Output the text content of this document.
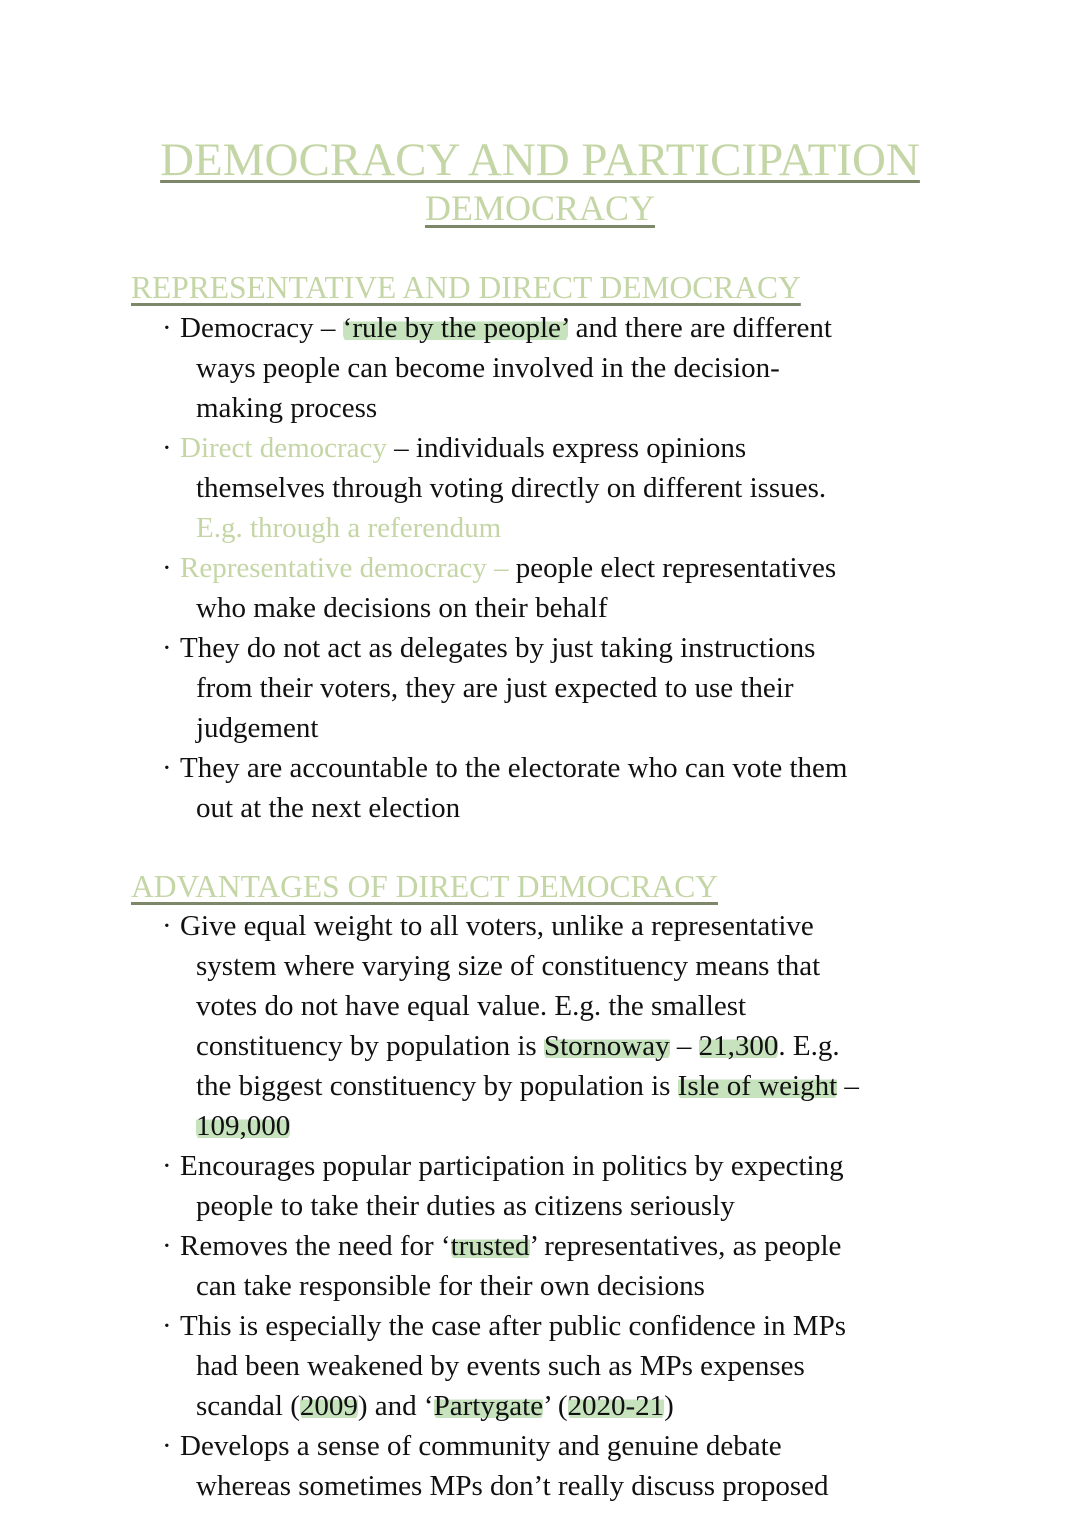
DEMOCRACY AND PARTICIPATION
DEMOCRACY
REPRESENTATIVE AND DIRECT DEMOCRACY
· Democracy – ‘rule by the people’ and there are different
ways people can become involved in the decision-
making process
· Direct democracy – individuals express opinions
themselves through voting directly on different issues.
E.g. through a referendum
· Representative democracy – people elect representatives
who make decisions on their behalf
· They do not act as delegates by just taking instructions
from their voters, they are just expected to use their
judgement
· They are accountable to the electorate who can vote them
out at the next election
ADVANTAGES OF DIRECT DEMOCRACY
· Give equal weight to all voters, unlike a representative
system where varying size of constituency means that
votes do not have equal value. E.g. the smallest
constituency by population is Stornoway – 21,300. E.g.
the biggest constituency by population is Isle of weight –
109,000
· Encourages popular participation in politics by expecting
people to take their duties as citizens seriously
· Removes the need for ‘trusted’ representatives, as people
can take responsible for their own decisions
· This is especially the case after public confidence in MPs
had been weakened by events such as MPs expenses
scandal (2009) and ‘Partygate’ (2020-21)
· Develops a sense of community and genuine debate
whereas sometimes MPs don’t really discuss proposed
